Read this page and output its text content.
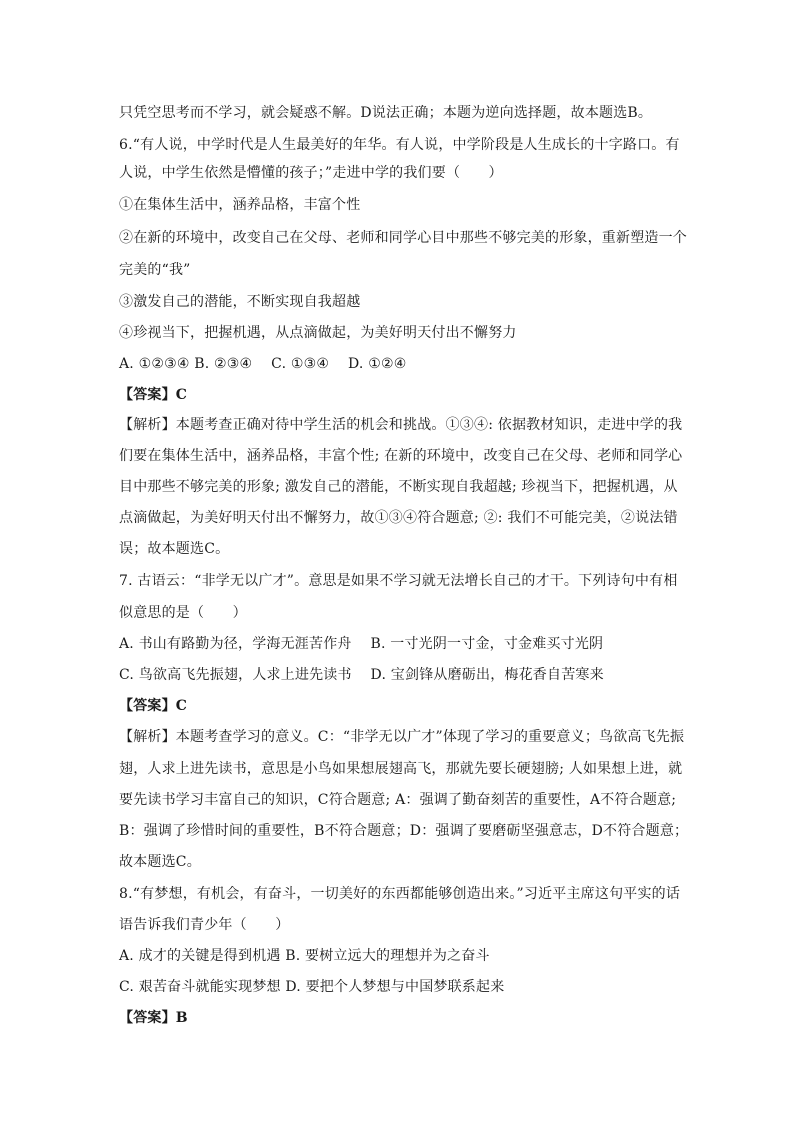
只凭空思考而不学习，就会疑惑不解。D说法正确；本题为逆向选择题，故本题选B。
6.“有人说，中学时代是人生最美好的年华。有人说，中学阶段是人生成长的十字路口。有
人说，中学生依然是懵懂的孩子；”走进中学的我们要（　　）
①在集体生活中，涵养品格，丰富个性
②在新的环境中，改变自己在父母、老师和同学心目中那些不够完美的形象，重新塑造一个
完美的“我”
③激发自己的潜能，不断实现自我超越
④珍视当下，把握机遇，从点滴做起，为美好明天付出不懈努力
A. ①②③④ B. ②③④　 C. ①③④　 D. ①②④
【答案】C
【解析】本题考查正确对待中学生活的机会和挑战。①③④: 依据教材知识，走进中学的我
们要在集体生活中，涵养品格，丰富个性; 在新的环境中，改变自己在父母、老师和同学心
目中那些不够完美的形象; 激发自己的潜能，不断实现自我超越; 珍视当下，把握机遇，从
点滴做起，为美好明天付出不懈努力，故①③④符合题意; ②: 我们不可能完美，②说法错
误；故本题选C。
7. 古语云：“非学无以广才”。意思是如果不学习就无法增长自己的才干。下列诗句中有相
似意思的是（　　）
A. 书山有路勤为径，学海无涯苦作舟　 B. 一寸光阴一寸金，寸金难买寸光阴
C. 鸟欲高飞先振翅，人求上进先读书　 D. 宝剑锋从磨砺出，梅花香自苦寒来
【答案】C
【解析】本题考查学习的意义。C：“非学无以广才”体现了学习的重要意义；鸟欲高飞先振
翅，人求上进先读书，意思是小鸟如果想展翅高飞，那就先要长硬翅膀; 人如果想上进，就
要先读书学习丰富自己的知识，C符合题意; A：强调了勤奋刻苦的重要性，A不符合题意;
B：强调了珍惜时间的重要性，B不符合题意；D：强调了要磨砺坚强意志，D不符合题意；
故本题选C。
8.“有梦想，有机会，有奋斗，一切美好的东西都能够创造出来。”习近平主席这句平实的话
语告诉我们青少年（　　）
A. 成才的关键是得到机遇 B. 要树立远大的理想并为之奋斗
C. 艰苦奋斗就能实现梦想 D. 要把个人梦想与中国梦联系起来
【答案】B
